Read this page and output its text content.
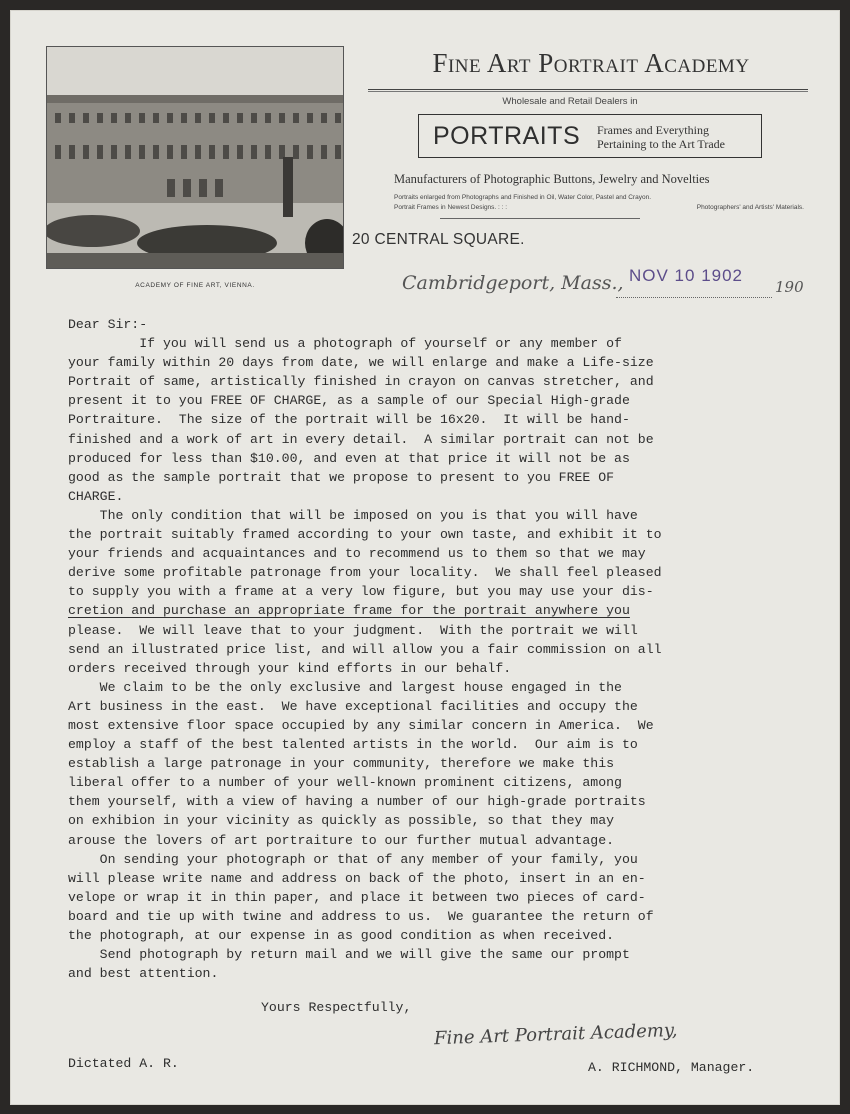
ACADEMY OF FINE ART, VIENNA.
Fine Art Portrait Academy
Wholesale and Retail Dealers in
PORTRAITS Frames and Everything
Pertaining to the Art Trade
Manufacturers of Photographic Buttons, Jewelry and Novelties
Portraits enlarged from Photographs and Finished in Oil, Water Color, Pastel and Crayon.
Portrait Frames in Newest Designs. : : :	Photographers' and Artists' Materials.
20 CENTRAL SQUARE.
Cambridgeport, Mass., NOV 10 1902
190

Dear Sir:-

If you will send us a photograph of yourself or any member of

your family within 20 days from date, we will enlarge and make a Life-size

Portrait of same, artistically finished in crayon on canvas stretcher, and

present it to you FREE OF CHARGE, as a sample of our Special High-grade

Portraiture.  The size of the portrait will be 16x20.  It will be hand-

finished and a work of art in every detail.  A similar portrait can not be

produced for less than $10.00, and even at that price it will not be as

good as the sample portrait that we propose to present to you FREE OF

CHARGE.

The only condition that will be imposed on you is that you will have

the portrait suitably framed according to your own taste, and exhibit it to

your friends and acquaintances and to recommend us to them so that we may

derive some profitable patronage from your locality.  We shall feel pleased

to supply you with a frame at a very low figure, but you may use your dis-

cretion and purchase an appropriate frame for the portrait anywhere you

please.  We will leave that to your judgment.  With the portrait we will

send an illustrated price list, and will allow you a fair commission on all

orders received through your kind efforts in our behalf.

We claim to be the only exclusive and largest house engaged in the

Art business in the east.  We have exceptional facilities and occupy the

most extensive floor space occupied by any similar concern in America.  We

employ a staff of the best talented artists in the world.  Our aim is to

establish a large patronage in your community, therefore we make this

liberal offer to a number of your well-known prominent citizens, among

them yourself, with a view of having a number of our high-grade portraits

on exhibion in your vicinity as quickly as possible, so that they may

arouse the lovers of art portraiture to our further mutual advantage.

On sending your photograph or that of any member of your family, you

will please write name and address on back of the photo, insert in an en-

velope or wrap it in thin paper, and place it between two pieces of card-

board and tie up with twine and address to us.  We guarantee the return of

the photograph, at our expense in as good condition as when received.

Send photograph by return mail and we will give the same our prompt

and best attention.

Yours Respectfully,
Fine Art Portrait Academy,
Dictated A. R.	A. RICHMOND, Manager.
